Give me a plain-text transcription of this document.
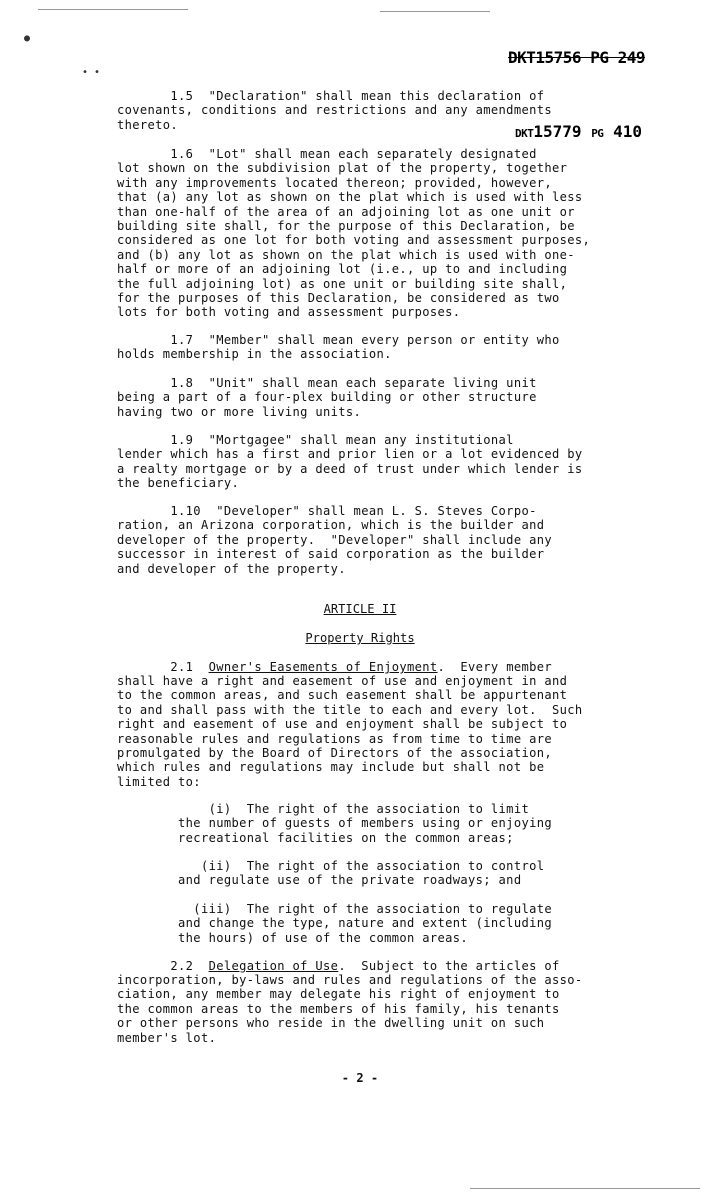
●
• •
DKT15756 PG 249
DKT15779 PG 410
1.5  "Declaration" shall mean this declaration of
covenants, conditions and restrictions and any amendments
thereto.
1.6  "Lot" shall mean each separately designated
lot shown on the subdivision plat of the property, together
with any improvements located thereon; provided, however,
that (a) any lot as shown on the plat which is used with less
than one-half of the area of an adjoining lot as one unit or
building site shall, for the purpose of this Declaration, be
considered as one lot for both voting and assessment purposes,
and (b) any lot as shown on the plat which is used with one-
half or more of an adjoining lot (i.e., up to and including
the full adjoining lot) as one unit or building site shall,
for the purposes of this Declaration, be considered as two
lots for both voting and assessment purposes.
1.7  "Member" shall mean every person or entity who
holds membership in the association.
1.8  "Unit" shall mean each separate living unit
being a part of a four-plex building or other structure
having two or more living units.
1.9  "Mortgagee" shall mean any institutional
lender which has a first and prior lien or a lot evidenced by
a realty mortgage or by a deed of trust under which lender is
the beneficiary.
1.10  "Developer" shall mean L. S. Steves Corpo-
ration, an Arizona corporation, which is the builder and
developer of the property.  "Developer" shall include any
successor in interest of said corporation as the builder
and developer of the property.
ARTICLE II
Property Rights
2.1  Owner's Easements of Enjoyment.  Every member
shall have a right and easement of use and enjoyment in and
to the common areas, and such easement shall be appurtenant
to and shall pass with the title to each and every lot.  Such
right and easement of use and enjoyment shall be subject to
reasonable rules and regulations as from time to time are
promulgated by the Board of Directors of the association,
which rules and regulations may include but shall not be
limited to:
(i)  The right of the association to limit
the number of guests of members using or enjoying
recreational facilities on the common areas;
(ii)  The right of the association to control
and regulate use of the private roadways; and
(iii)  The right of the association to regulate
and change the type, nature and extent (including
the hours) of use of the common areas.
2.2  Delegation of Use.  Subject to the articles of
incorporation, by-laws and rules and regulations of the asso-
ciation, any member may delegate his right of enjoyment to
the common areas to the members of his family, his tenants
or other persons who reside in the dwelling unit on such
member's lot.
- 2 -
